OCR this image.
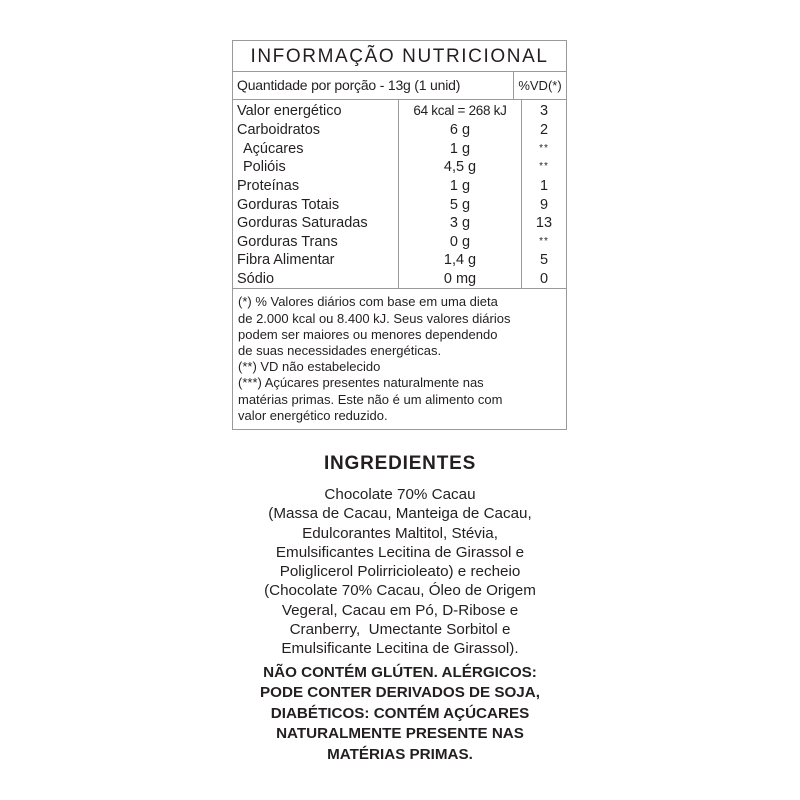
INFORMAÇÃO NUTRICIONAL
Quantidade por porção - 13g (1 unid)	%VD(*)
Valor energético	64 kcal = 268 kJ	3
Carboidratos	6 g	2
Açúcares	1 g	**
Polióis	4,5 g	**
Proteínas	1 g	1
Gorduras Totais	5 g	9
Gorduras Saturadas	3 g	13
Gorduras Trans	0 g	**
Fibra Alimentar	1,4 g	5
Sódio	0 mg	0
(*) % Valores diários com base em uma dieta
de 2.000 kcal ou 8.400 kJ. Seus valores diários
podem ser maiores ou menores dependendo
de suas necessidades energéticas.
(**) VD não estabelecido
(***) Açúcares presentes naturalmente nas
matérias primas. Este não é um alimento com
valor energético reduzido.
INGREDIENTES
Chocolate 70% Cacau
(Massa de Cacau, Manteiga de Cacau,
Edulcorantes Maltitol, Stévia,
Emulsificantes Lecitina de Girassol e
Poliglicerol Polirricioleato) e recheio
(Chocolate 70% Cacau, Óleo de Origem
Vegeral, Cacau em Pó, D-Ribose e
Cranberry,  Umectante Sorbitol e
Emulsificante Lecitina de Girassol).
NÃO CONTÉM GLÚTEN. ALÉRGICOS:
PODE CONTER DERIVADOS DE SOJA,
DIABÉTICOS: CONTÉM AÇÚCARES
NATURALMENTE PRESENTE NAS
MATÉRIAS PRIMAS.
